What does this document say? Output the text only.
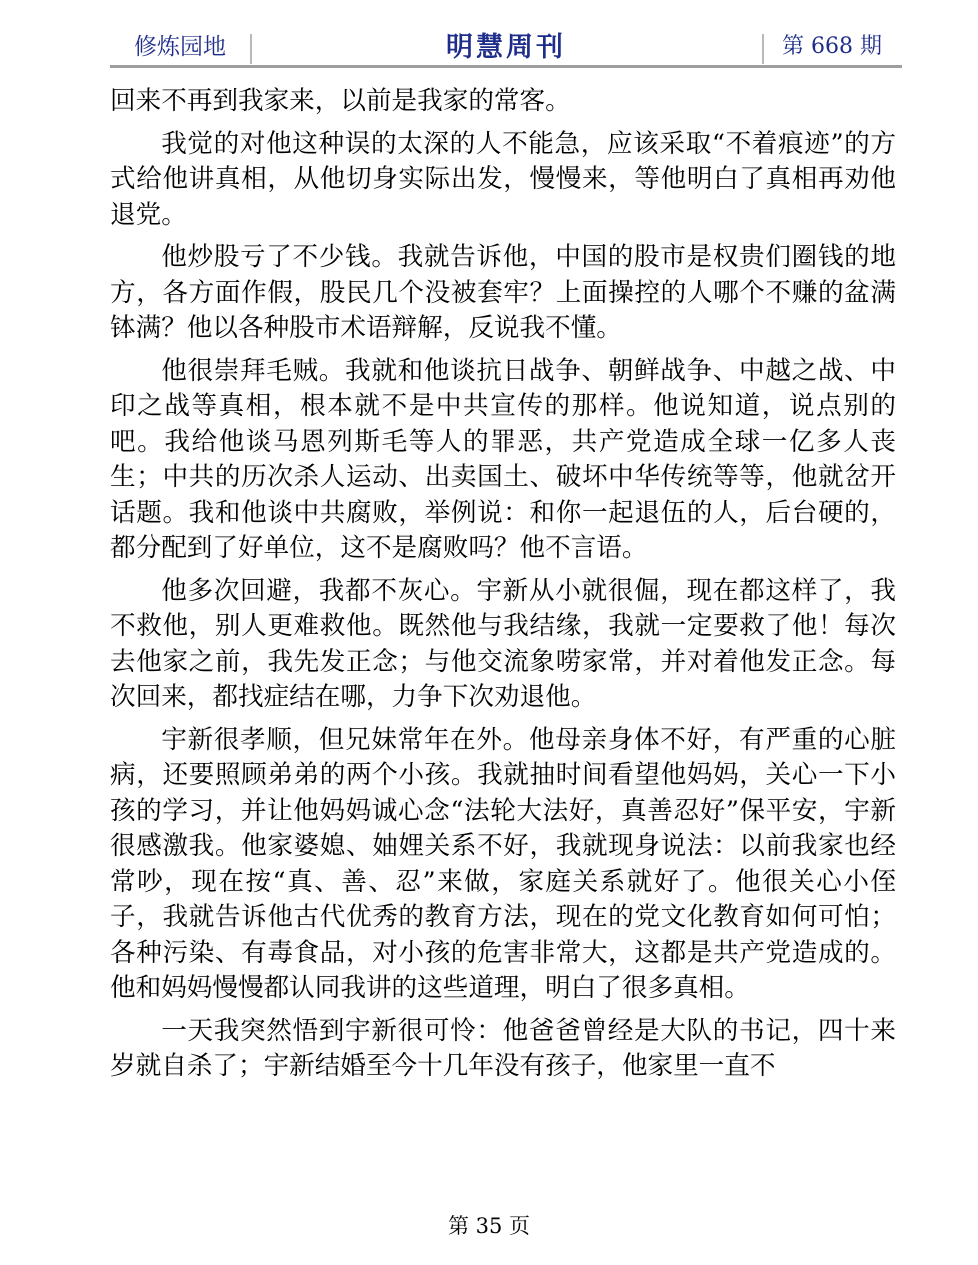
修炼园地	明慧周刊	第 668 期

回来不再到我家来，以前是我家的常客。

我觉的对他这种误的太深的人不能急，应该采取“不着痕迹”的方式给他讲真相，从他切身实际出发，慢慢来，等他明白了真相再劝他退党。

他炒股亏了不少钱。我就告诉他，中国的股市是权贵们圈钱的地方，各方面作假，股民几个没被套牢？上面操控的人哪个不赚的盆满钵满？他以各种股市术语辩解，反说我不懂。

他很崇拜毛贼。我就和他谈抗日战争、朝鲜战争、中越之战、中印之战等真相，根本就不是中共宣传的那样。他说知道，说点别的吧。我给他谈马恩列斯毛等人的罪恶，共产党造成全球一亿多人丧生；中共的历次杀人运动、出卖国土、破坏中华传统等等，他就岔开话题。我和他谈中共腐败，举例说：和你一起退伍的人，后台硬的，都分配到了好单位，这不是腐败吗？他不言语。

他多次回避，我都不灰心。宇新从小就很倔，现在都这样了，我不救他，别人更难救他。既然他与我结缘，我就一定要救了他！每次去他家之前，我先发正念；与他交流象唠家常，并对着他发正念。每次回来，都找症结在哪，力争下次劝退他。

宇新很孝顺，但兄妹常年在外。他母亲身体不好，有严重的心脏病，还要照顾弟弟的两个小孩。我就抽时间看望他妈妈，关心一下小孩的学习，并让他妈妈诚心念“法轮大法好，真善忍好”保平安，宇新很感激我。他家婆媳、妯娌关系不好，我就现身说法：以前我家也经常吵，现在按“真、善、忍”来做，家庭关系就好了。他很关心小侄子，我就告诉他古代优秀的教育方法，现在的党文化教育如何可怕；各种污染、有毒食品，对小孩的危害非常大，这都是共产党造成的。他和妈妈慢慢都认同我讲的这些道理，明白了很多真相。

一天我突然悟到宇新很可怜：他爸爸曾经是大队的书记，四十来岁就自杀了；宇新结婚至今十几年没有孩子，他家里一直不

第 35 页
